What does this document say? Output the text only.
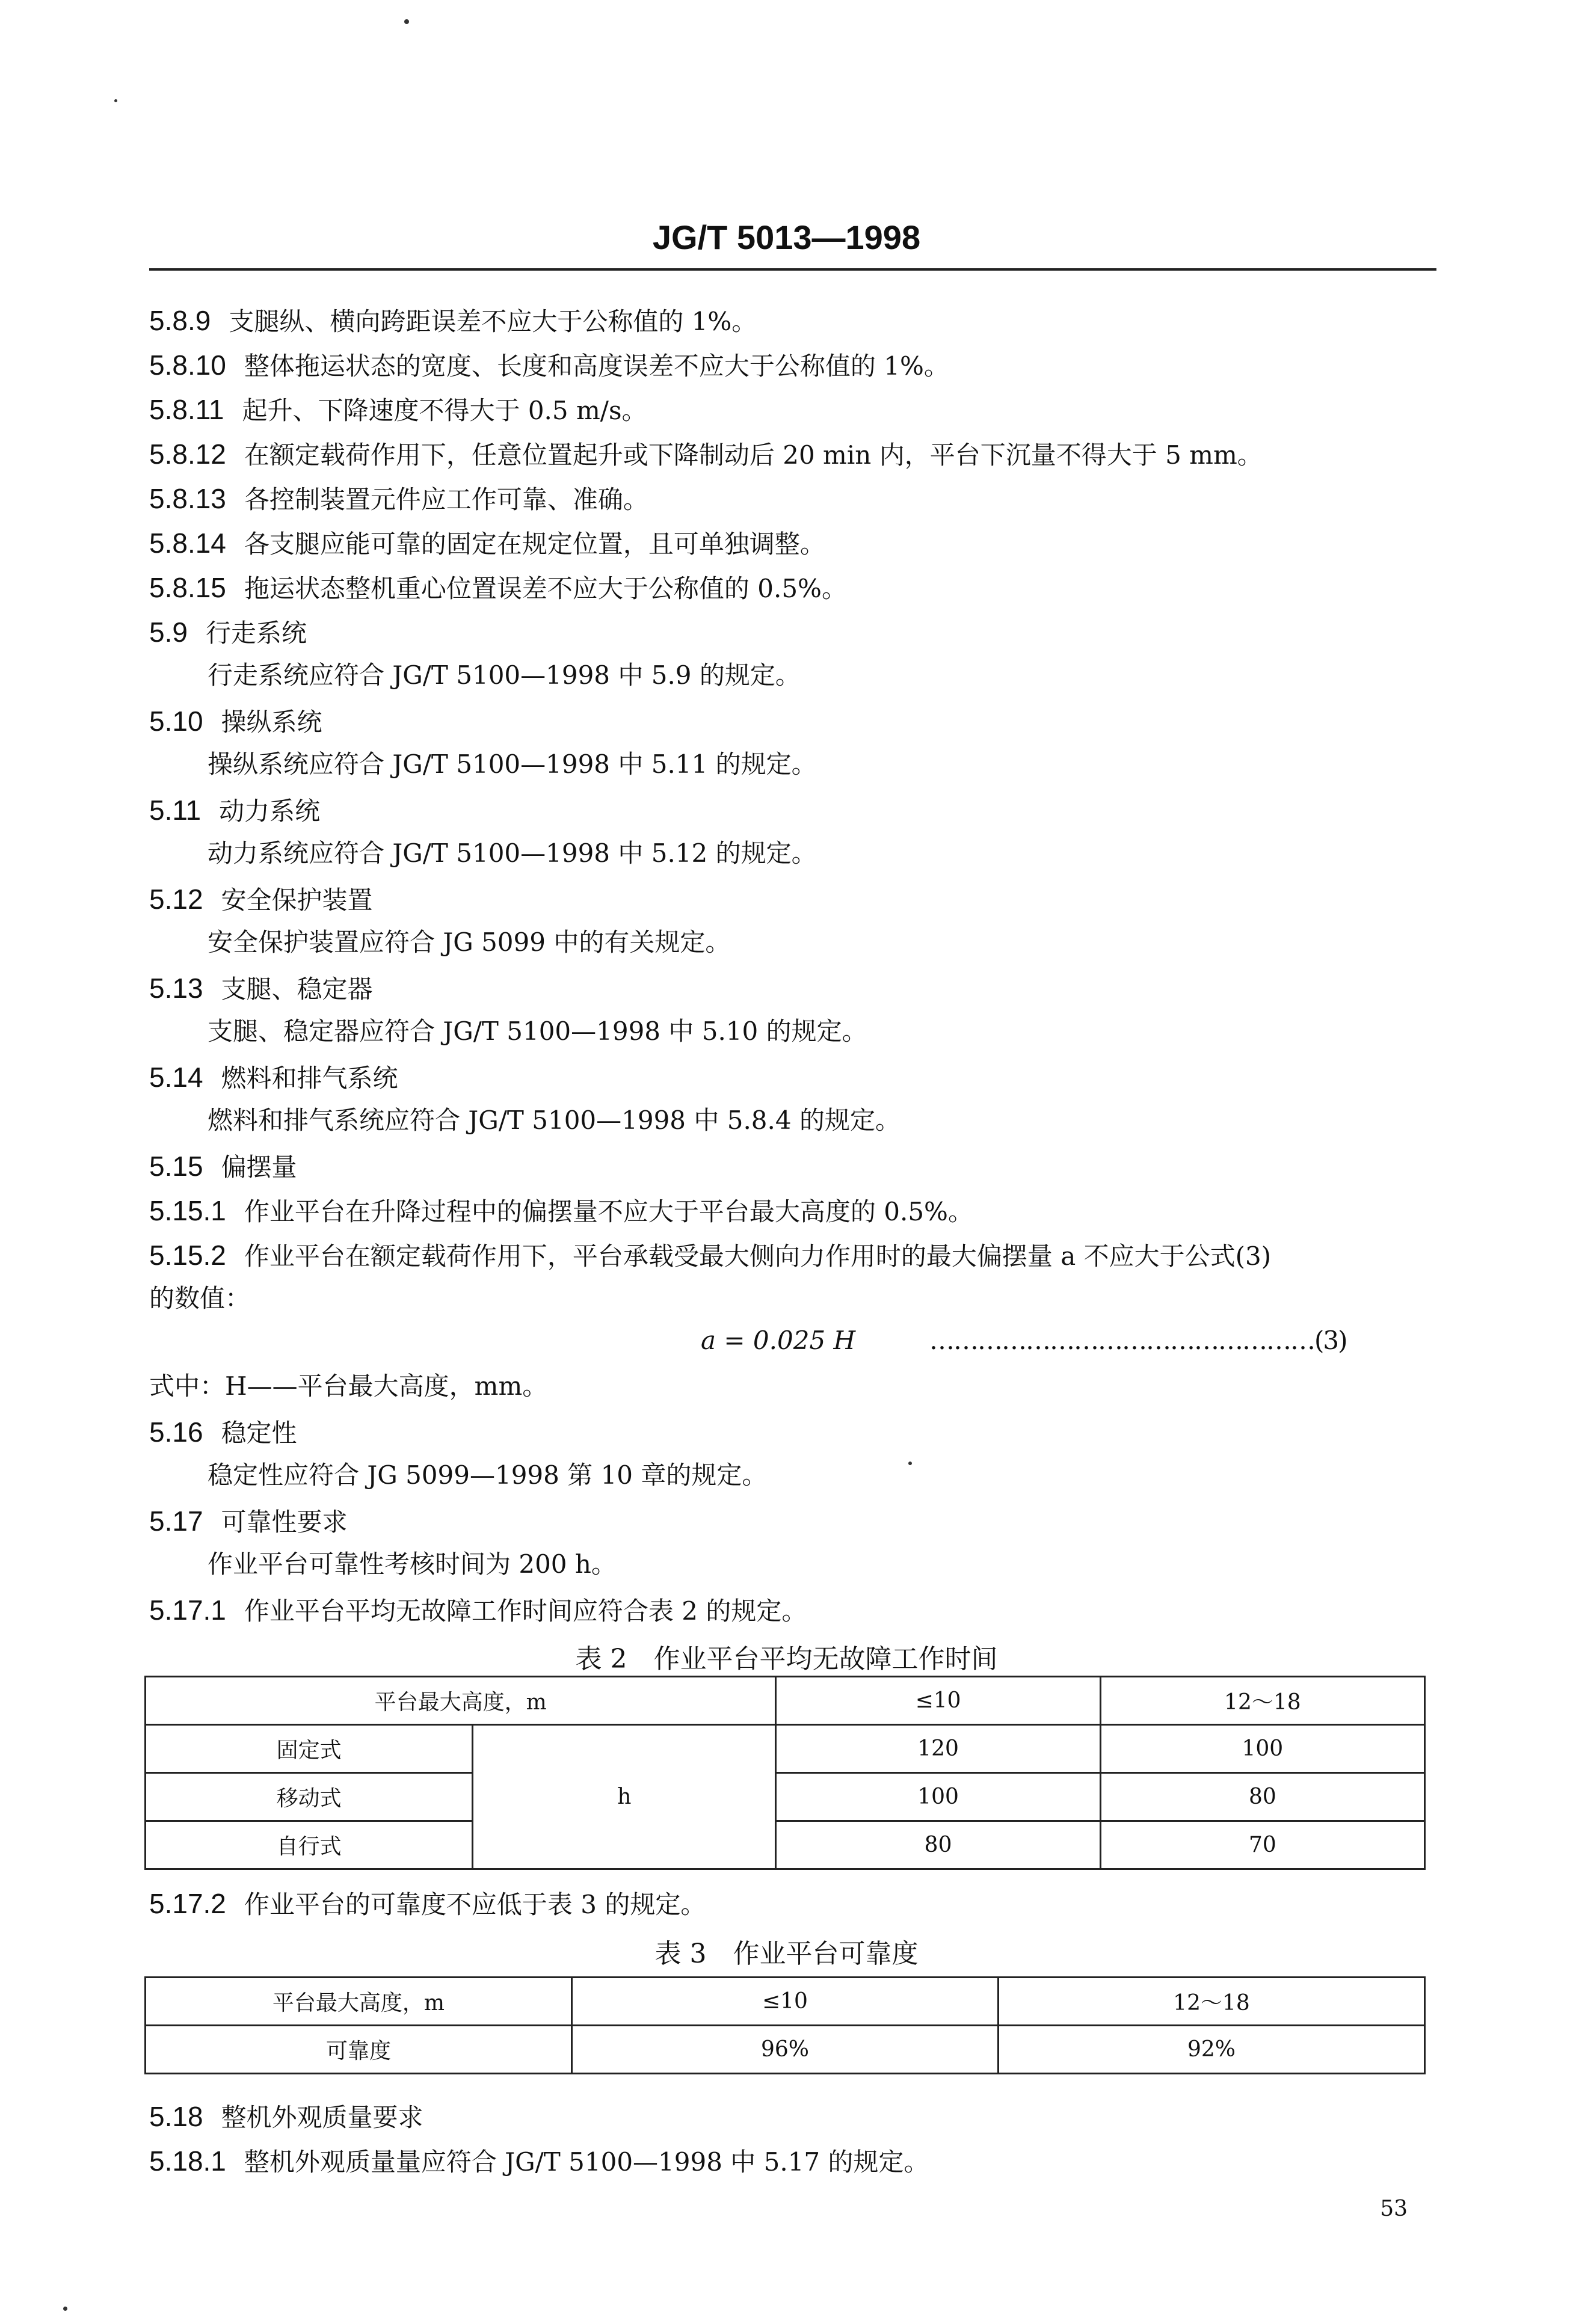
JG/T 5013—1998
5.8.9 支腿纵、横向跨距误差不应大于公称值的 1%。
5.8.10 整体拖运状态的宽度、长度和高度误差不应大于公称值的 1%。
5.8.11 起升、下降速度不得大于 0.5 m/s。
5.8.12 在额定载荷作用下，任意位置起升或下降制动后 20 min 内，平台下沉量不得大于 5 mm。
5.8.13 各控制装置元件应工作可靠、准确。
5.8.14 各支腿应能可靠的固定在规定位置，且可单独调整。
5.8.15 拖运状态整机重心位置误差不应大于公称值的 0.5%。
5.9 行走系统
行走系统应符合 JG/T 5100—1998 中 5.9 的规定。
5.10 操纵系统
操纵系统应符合 JG/T 5100—1998 中 5.11 的规定。
5.11 动力系统
动力系统应符合 JG/T 5100—1998 中 5.12 的规定。
5.12 安全保护装置
安全保护装置应符合 JG 5099 中的有关规定。
5.13 支腿、稳定器
支腿、稳定器应符合 JG/T 5100—1998 中 5.10 的规定。
5.14 燃料和排气系统
燃料和排气系统应符合 JG/T 5100—1998 中 5.8.4 的规定。
5.15 偏摆量
5.15.1 作业平台在升降过程中的偏摆量不应大于平台最大高度的 0.5%。
5.15.2 作业平台在额定载荷作用下，平台承载受最大侧向力作用时的最大偏摆量 a 不应大于公式(3)
的数值：
a = 0.025 H	…………………………………………(3)
式中：H——平台最大高度，mm。
5.16 稳定性
稳定性应符合 JG 5099—1998 第 10 章的规定。
5.17 可靠性要求
作业平台可靠性考核时间为 200 h。
5.17.1 作业平台平均无故障工作时间应符合表 2 的规定。
表 2　作业平台平均无故障工作时间
平台最大高度，m		≤10	12～18
固定式	h	120	100
移动式		100	80
自行式		80	70
5.17.2 作业平台的可靠度不应低于表 3 的规定。
表 3　作业平台可靠度
平台最大高度，m	≤10	12～18
可靠度	96%	92%
5.18 整机外观质量要求
5.18.1 整机外观质量量应符合 JG/T 5100—1998 中 5.17 的规定。
53
